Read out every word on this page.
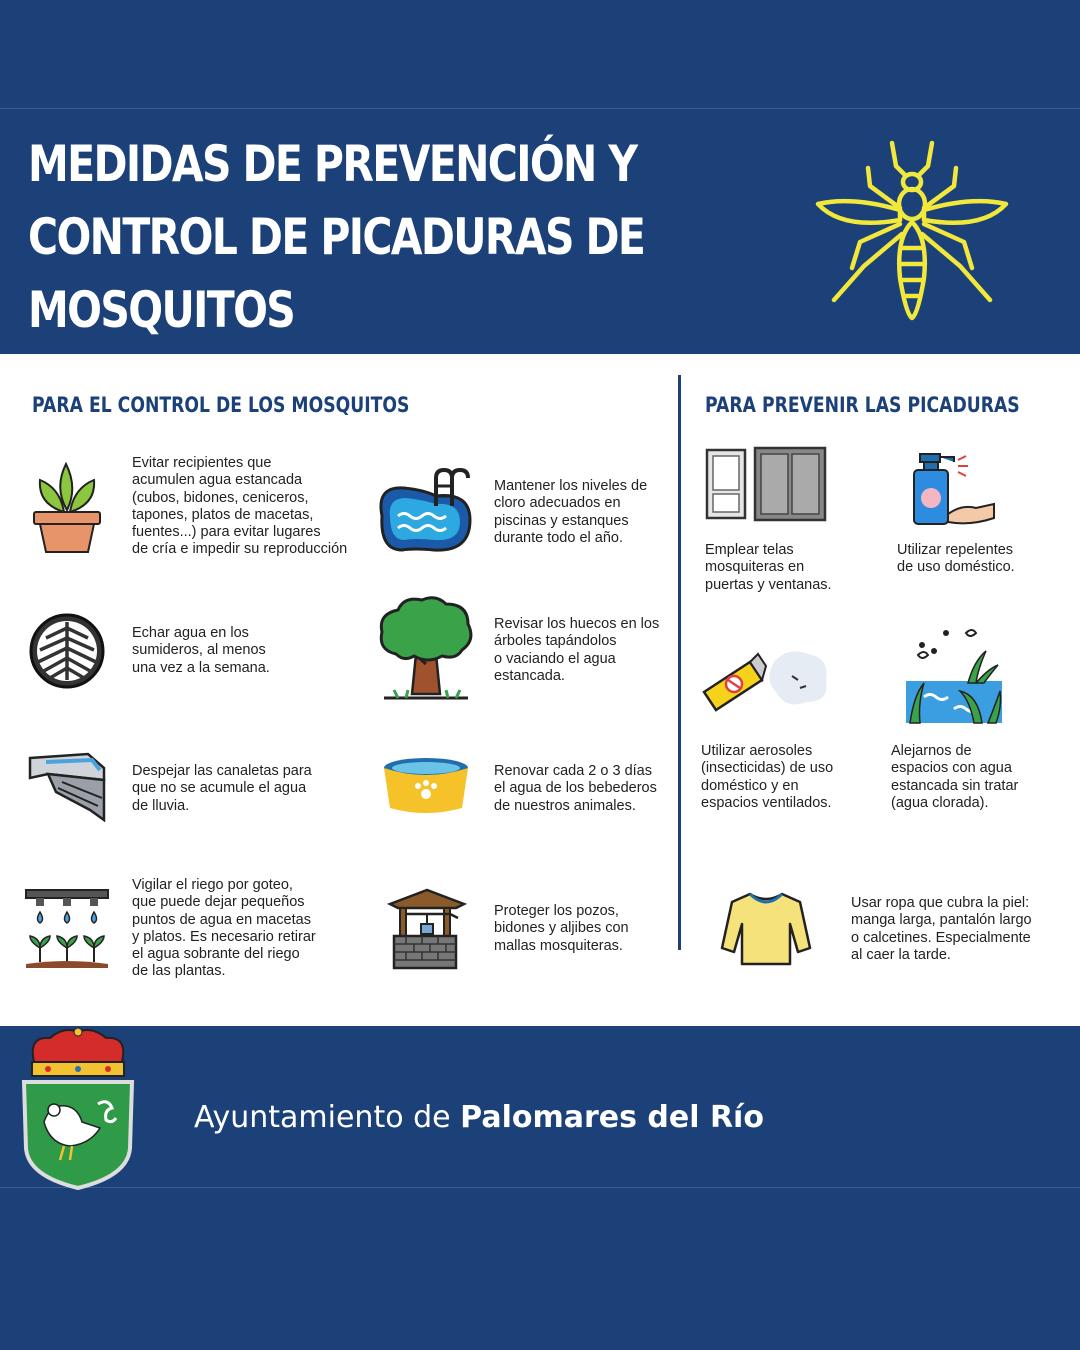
MEDIDAS DE PREVENCIÓN Y
CONTROL DE PICADURAS DE
MOSQUITOS
PARA EL CONTROL DE LOS MOSQUITOS	PARA PREVENIR LAS PICADURAS
Evitar recipientes que
acumulen agua estancada
(cubos, bidones, ceniceros,
tapones, platos de macetas,
fuentes...) para evitar lugares
de cría e impedir su reproducción
Mantener los niveles de
cloro adecuados en
piscinas y estanques
durante todo el año.
Echar agua en los
sumideros, al menos
una vez a la semana.
Revisar los huecos en los
árboles tapándolos
o vaciando el agua
estancada.
Despejar las canaletas para
que no se acumule el agua
de lluvia.
Renovar cada 2 o 3 días
el agua de los bebederos
de nuestros animales.
Vigilar el riego por goteo,
que puede dejar pequeños
puntos de agua en macetas
y platos. Es necesario retirar
el agua sobrante del riego
de las plantas.
Proteger los pozos,
bidones y aljibes con
mallas mosquiteras.
Emplear telas
mosquiteras en
puertas y ventanas.
Utilizar repelentes
de uso doméstico.
Utilizar aerosoles
(insecticidas) de uso
doméstico y en
espacios ventilados.
Alejarnos de
espacios con agua
estancada sin tratar
(agua clorada).
Usar ropa que cubra la piel:
manga larga, pantalón largo
o calcetines. Especialmente
al caer la tarde.
Ayuntamiento de Palomares del Río
